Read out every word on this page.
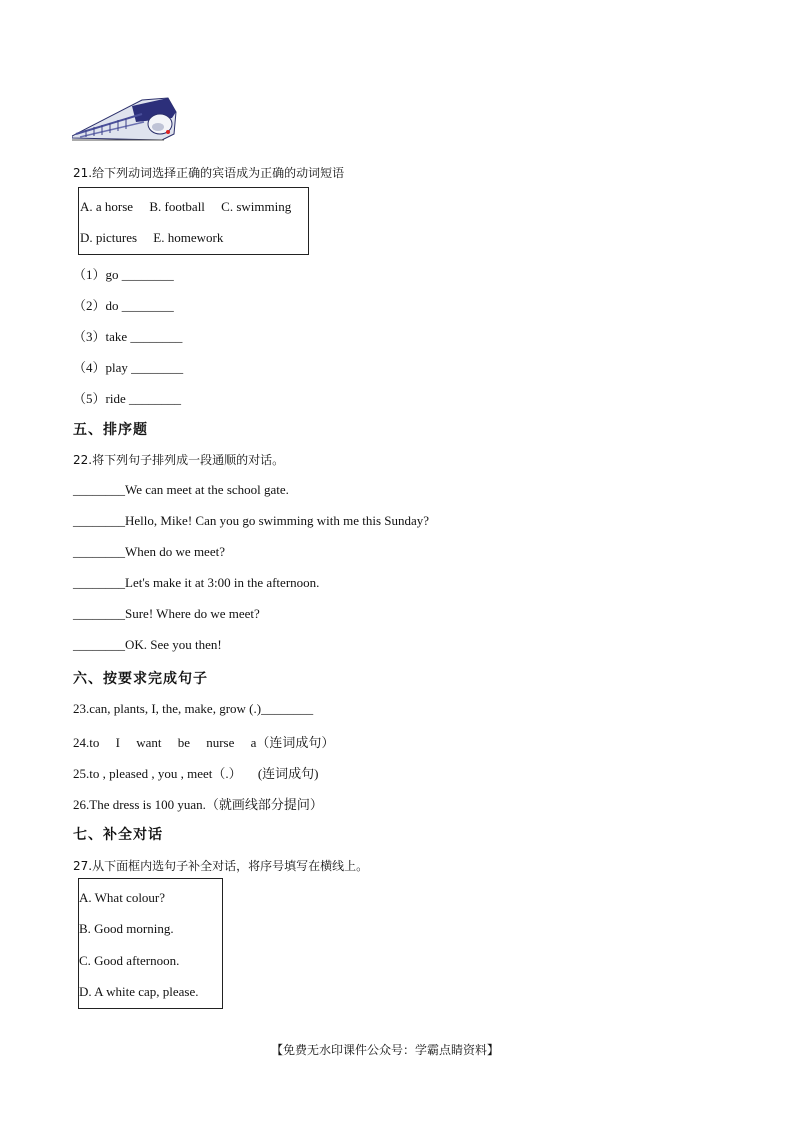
21.给下列动词选择正确的宾语成为正确的动词短语
A. a horse     B. football     C. swimming
D. pictures     E. homework
（1）go ________
（2）do ________
（3）take ________
（4）play ________
（5）ride ________
五、排序题
22.将下列句子排列成一段通顺的对话。
________We can meet at the school gate.
________Hello, Mike! Can you go swimming with me this Sunday?
________When do we meet?
________Let's make it at 3:00 in the afternoon.
________Sure! Where do we meet?
________OK. See you then!
六、按要求完成句子
23.can, plants, I, the, make, grow (.)________
24.to     I     want     be     nurse     a（连词成句）
25.to , pleased , you , meet（.）     (连词成句)
26.The dress is 100 yuan.（就画线部分提问）
七、补全对话
27.从下面框内选句子补全对话，将序号填写在横线上。
A. What colour?
B. Good morning.
C. Good afternoon.
D. A white cap, please.
【免费无水印课件公众号：学霸点睛资料】
